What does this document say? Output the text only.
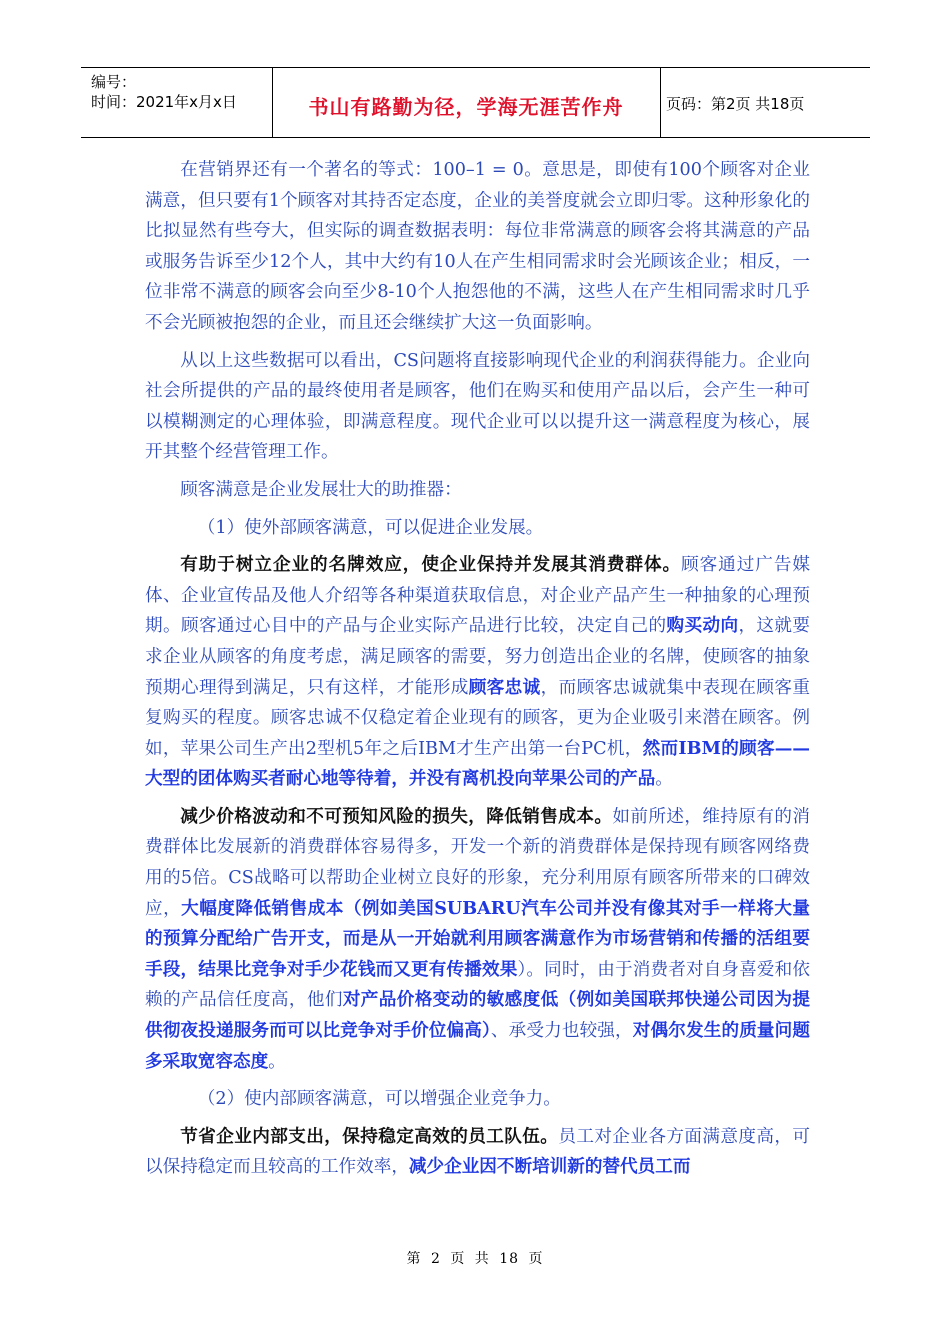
编号：
时间：2021年x月x日	书山有路勤为径，学海无涯苦作舟	页码：第2页 共18页

在营销界还有一个著名的等式：100–1 = 0。意思是，即使有100个顾客对企业满意，但只要有1个顾客对其持否定态度，企业的美誉度就会立即归零。这种形象化的比拟显然有些夸大，但实际的调查数据表明：每位非常满意的顾客会将其满意的产品或服务告诉至少12个人，其中大约有10人在产生相同需求时会光顾该企业；相反，一位非常不满意的顾客会向至少8-10个人抱怨他的不满，这些人在产生相同需求时几乎不会光顾被抱怨的企业，而且还会继续扩大这一负面影响。

从以上这些数据可以看出，CS问题将直接影响现代企业的利润获得能力。企业向社会所提供的产品的最终使用者是顾客，他们在购买和使用产品以后，会产生一种可以模糊测定的心理体验，即满意程度。现代企业可以以提升这一满意程度为核心，展开其整个经营管理工作。

顾客满意是企业发展壮大的助推器：

（1）使外部顾客满意，可以促进企业发展。

有助于树立企业的名牌效应，使企业保持并发展其消费群体。顾客通过广告媒体、企业宣传品及他人介绍等各种渠道获取信息，对企业产品产生一种抽象的心理预期。顾客通过心目中的产品与企业实际产品进行比较，决定自己的购买动向，这就要求企业从顾客的角度考虑，满足顾客的需要，努力创造出企业的名牌，使顾客的抽象预期心理得到满足，只有这样，才能形成顾客忠诚，而顾客忠诚就集中表现在顾客重复购买的程度。顾客忠诚不仅稳定着企业现有的顾客，更为企业吸引来潜在顾客。例如，苹果公司生产出2型机5年之后IBM才生产出第一台PC机，然而IBM的顾客——大型的团体购买者耐心地等待着，并没有离机投向苹果公司的产品。

减少价格波动和不可预知风险的损失，降低销售成本。如前所述，维持原有的消费群体比发展新的消费群体容易得多，开发一个新的消费群体是保持现有顾客网络费用的5倍。CS战略可以帮助企业树立良好的形象，充分利用原有顾客所带来的口碑效应，大幅度降低销售成本（例如美国SUBARU汽车公司并没有像其对手一样将大量的预算分配给广告开支，而是从一开始就利用顾客满意作为市场营销和传播的活组要手段，结果比竞争对手少花钱而又更有传播效果）。同时，由于消费者对自身喜爱和依赖的产品信任度高，他们对产品价格变动的敏感度低（例如美国联邦快递公司因为提供彻夜投递服务而可以比竞争对手价位偏高）、承受力也较强，对偶尔发生的质量问题多采取宽容态度。

（2）使内部顾客满意，可以增强企业竞争力。

节省企业内部支出，保持稳定高效的员工队伍。员工对企业各方面满意度高，可以保持稳定而且较高的工作效率，减少企业因不断培训新的替代员工而

第 2 页 共 18 页
